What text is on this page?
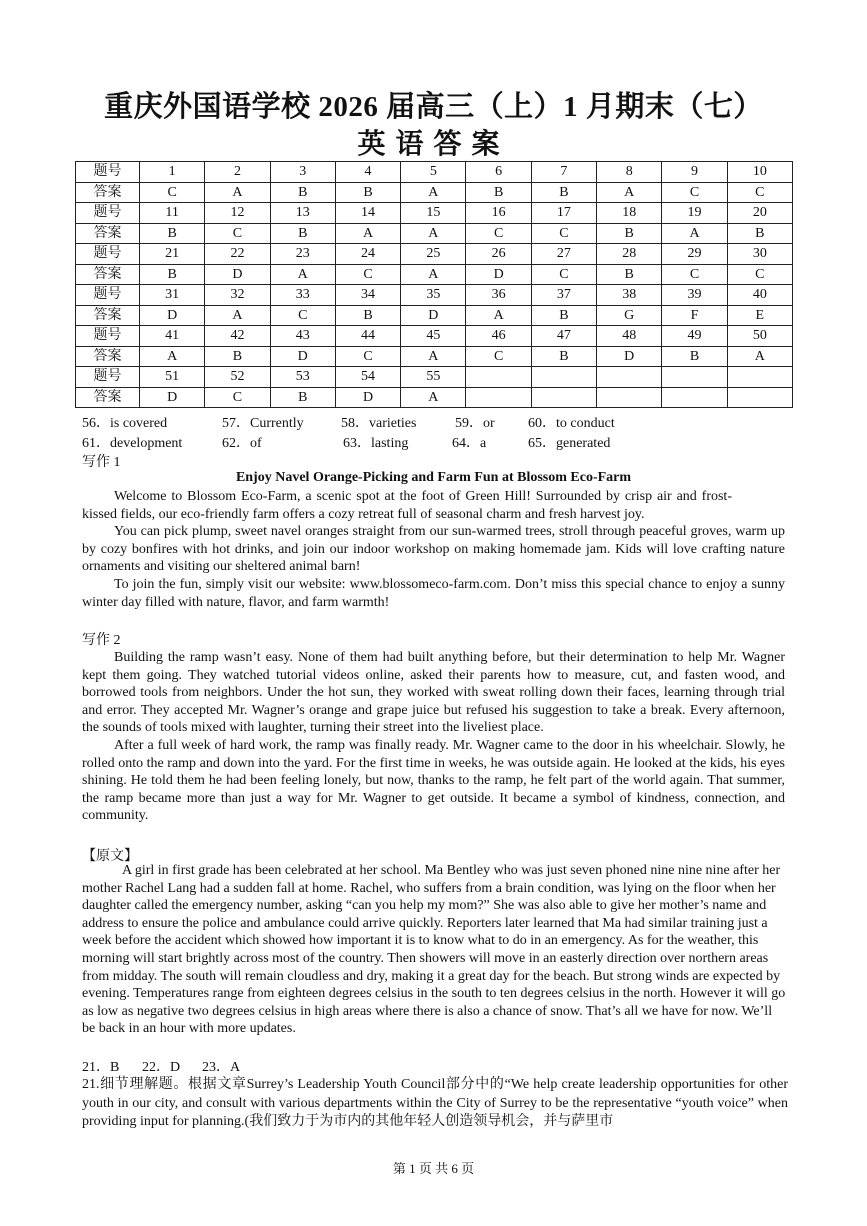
重庆外国语学校 2026 届高三（上）1 月期末（七）
英语答案
题号	1	2	3	4	5	6	7	8	9	10
答案	C	A	B	B	A	B	B	A	C	C
题号	11	12	13	14	15	16	17	18	19	20
答案	B	C	B	A	A	C	C	B	A	B
题号	21	22	23	24	25	26	27	28	29	30
答案	B	D	A	C	A	D	C	B	C	C
题号	31	32	33	34	35	36	37	38	39	40
答案	D	A	C	B	D	A	B	G	F	E
题号	41	42	43	44	45	46	47	48	49	50
答案	A	B	D	C	A	C	B	D	B	A
题号	51	52	53	54	55					
答案	D	C	B	D	A					
56．is covered	57．Currently	58．varieties	59．or 60．to conduct
61．development	62．of	63．lasting	64．a	65．generated
写作 1
Enjoy Navel Orange-Picking and Farm Fun at Blossom Eco-Farm

Welcome to Blossom Eco-Farm, a scenic spot at the foot of Green Hill! Surrounded by crisp air and frost-kissed fields, our eco-friendly farm offers a cozy retreat full of seasonal charm and fresh harvest joy.

You can pick plump, sweet navel oranges straight from our sun-warmed trees, stroll through peaceful groves, warm up by cozy bonfires with hot drinks, and join our indoor workshop on making homemade jam. Kids will love crafting nature ornaments and visiting our sheltered animal barn!

To join the fun, simply visit our website: www.blossomeco-farm.com. Don’t miss this special chance to enjoy a sunny winter day filled with nature, flavor, and farm warmth!

写作 2

Building the ramp wasn’t easy. None of them had built anything before, but their determination to help Mr. Wagner kept them going. They watched tutorial videos online, asked their parents how to measure, cut, and fasten wood, and borrowed tools from neighbors. Under the hot sun, they worked with sweat rolling down their faces, learning through trial and error. They accepted Mr. Wagner’s orange and grape juice but refused his suggestion to take a break. Every afternoon, the sounds of tools mixed with laughter, turning their street into the liveliest place.

After a full week of hard work, the ramp was finally ready. Mr. Wagner came to the door in his wheelchair. Slowly, he rolled onto the ramp and down into the yard. For the first time in weeks, he was outside again. He looked at the kids, his eyes shining. He told them he had been feeling lonely, but now, thanks to the ramp, he felt part of the world again. That summer, the ramp became more than just a way for Mr. Wagner to get outside. It became a symbol of kindness, connection, and community.

【原文】

A girl in first grade has been celebrated at her school. Ma Bentley who was just seven phoned nine nine nine after her mother Rachel Lang had a sudden fall at home. Rachel, who suffers from a brain condition, was lying on the floor when her daughter called the emergency number, asking “can you help my mom?” She was also able to give her mother’s name and address to ensure the police and ambulance could arrive quickly. Reporters later learned that Ma had similar training just a week before the accident which showed how important it is to know what to do in an emergency. As for the weather, this morning will start brightly across most of the country. Then showers will move in an easterly direction over northern areas from midday. The south will remain cloudless and dry, making it a great day for the beach. But strong winds are expected by evening. Temperatures range from eighteen degrees celsius in the south to ten degrees celsius in the north. However it will go as low as negative two degrees celsius in high areas where there is also a chance of snow. That’s all we have for now. We’ll be back in an hour with more updates.

21．B 22．D 23．A
21.细节理解题。根据文章Surrey’s Leadership Youth Council部分中的“We help create leadership opportunities for other youth in our city, and consult with various departments within the City of Surrey to be the representative “youth voice” when providing input for planning.(我们致力于为市内的其他年轻人创造领导机会，并与萨里市
第 1 页 共 6 页
